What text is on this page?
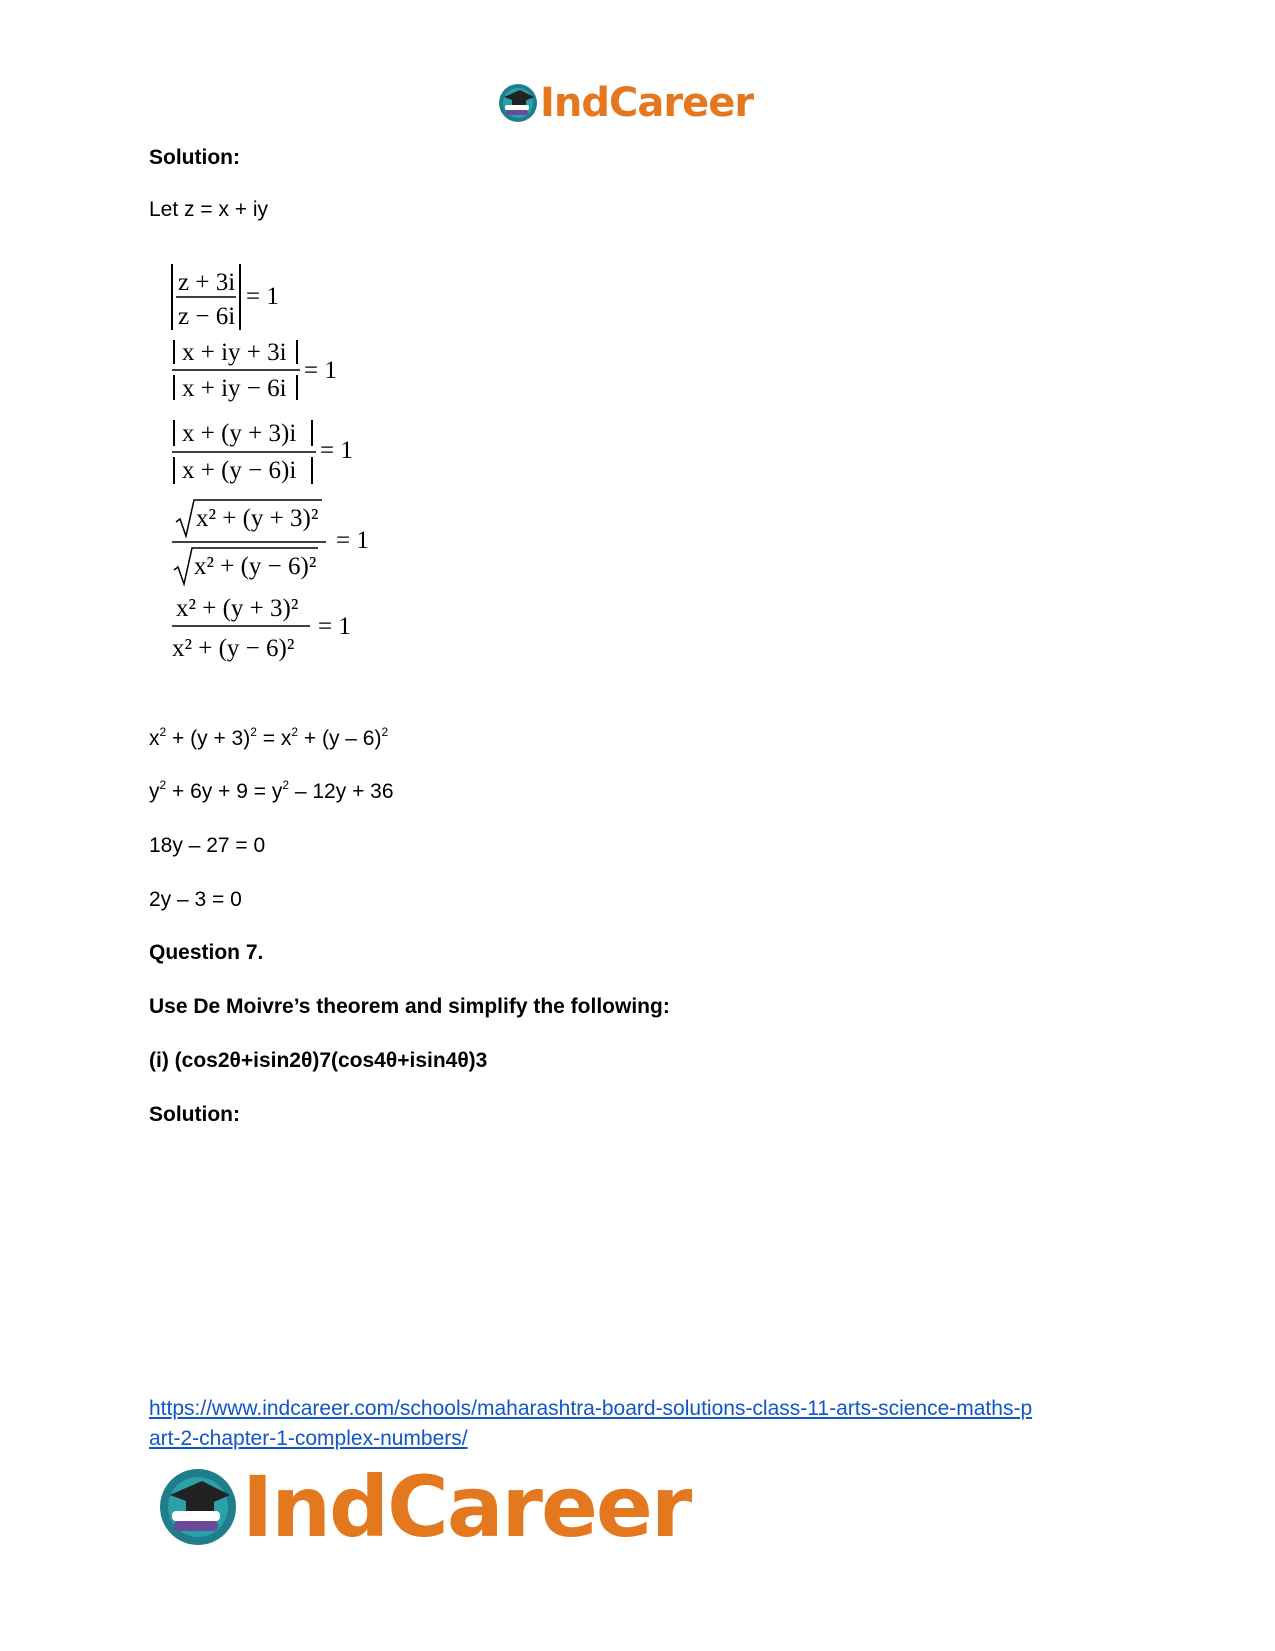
IndCareer
Solution:
Let z = x + iy
z + 3i
z − 6i
= 1
x + iy + 3i
x + iy − 6i
= 1
x + (y + 3)i
x + (y − 6)i
= 1
x² + (y + 3)²
x² + (y − 6)²
= 1
x² + (y + 3)²
x² + (y − 6)²
= 1
$x^2 + (y + 3)^2 = x^2 + (y - 6)^2$
$y^2 + 6y + 9 = y^2 - 12y + 36$
18y – 27 = 0
2y – 3 = 0
Question 7.
Use De Moivre’s theorem and simplify the following:
(i) (cos2θ+isin2θ)7(cos4θ+isin4θ)3
Solution:
https://www.indcareer.com/schools/maharashtra-board-solutions-class-11-arts-science-maths-p
art-2-chapter-1-complex-numbers/
IndCareer
